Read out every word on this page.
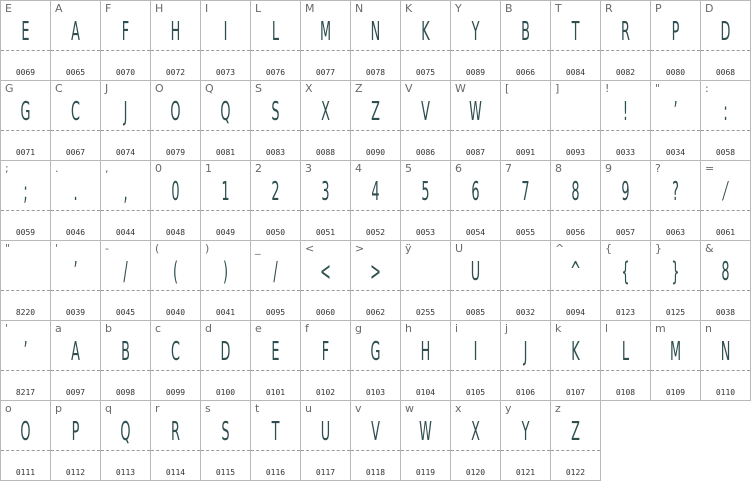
E
E
0069
A
A
0065
F
F
0070
H
H
0072
I
I
0073
L
L
0076
M
M
0077
N
N
0078
K
K
0075
Y
Y
0089
B
B
0066
T
T
0084
R
R
0082
P
P
0080
D
D
0068
G
G
0071
C
C
0067
J
J
0074
O
O
0079
Q
Q
0081
S
S
0083
X
X
0088
Z
Z
0090
V
V
0086
W
W
0087
[
0091
]
0093
!
!
0033
"
ʼ
0034
:
:
0058
;
;
0059
.
.
0046
,
,
0044
0
0
0048
1
1
0049
2
2
0050
3
3
0051
4
4
0052
5
5
0053
6
6
0054
7
7
0055
8
8
0056
9
9
0057
?
?
0063
=
⁄
0061
"
8220
'
ʼ
0039
-
/
0045
(
(
0040
)
)
0041
_
/
0095
<
<
0060
>
>
0062
ÿ
0255
U
U
0085
	0032
^
^
0094
{
{
0123
}
}
0125
&
8
0038
'
ʼ
8217
a
A
0097
b
B
0098
c
C
0099
d
D
0100
e
E
0101
f
F
0102
g
G
0103
h
H
0104
i
I
0105
j
J
0106
k
K
0107
l
L
0108
m
M
0109
n
N
0110
o
O
0111
p
P
0112
q
Q
0113
r
R
0114
s
S
0115
t
T
0116
u
U
0117
v
V
0118
w
W
0119
x
X
0120
y
Y
0121
z
Z
0122
